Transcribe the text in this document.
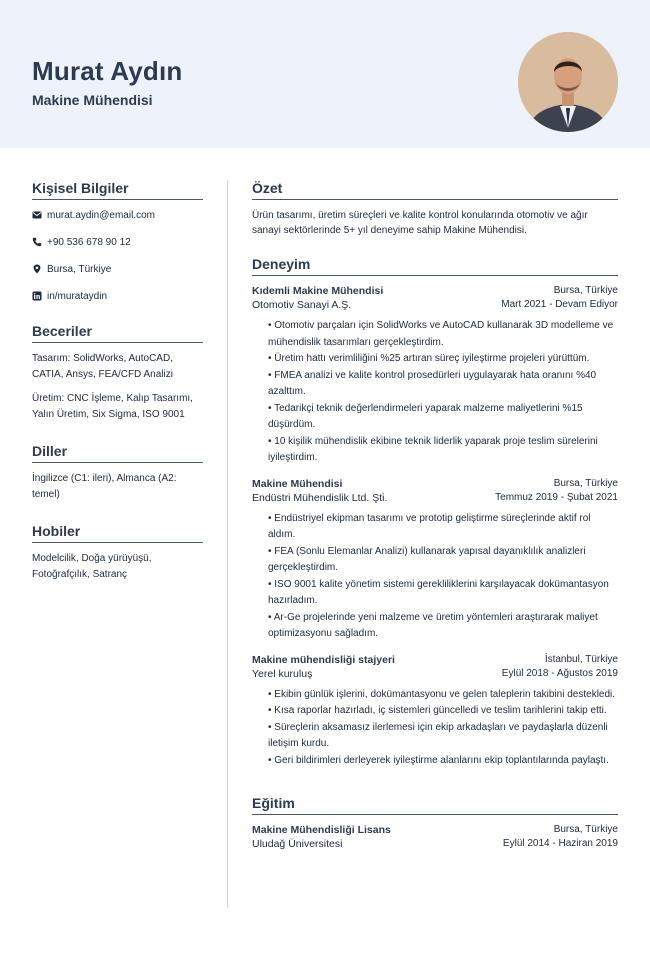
Murat Aydın
Makine Mühendisi
Kişisel Bilgiler
murat.aydin@email.com
+90 536 678 90 12
Bursa, Türkiye
in/murataydin
Beceriler
Tasarım: SolidWorks, AutoCAD, CATIA, Ansys, FEA/CFD Analizi
Üretim: CNC İşleme, Kalıp Tasarımı, Yalın Üretim, Six Sigma, ISO 9001
Diller
İngilizce (C1: ileri), Almanca (A2: temel)
Hobiler
Modelcilik, Doğa yürüyüşü, Fotoğrafçılık, Satranç
Özet
Ürün tasarımı, üretim süreçleri ve kalite kontrol konularında otomotiv ve ağır sanayi sektörlerinde 5+ yıl deneyime sahip Makine Mühendisi.
Deneyim
Kıdemli Makine Mühendisi	Bursa, Türkiye
Otomotiv Sanayi A.Ş.	Mart 2021 - Devam Ediyor
• Otomotiv parçaları için SolidWorks ve AutoCAD kullanarak 3D modelleme ve mühendislik tasarımları gerçekleştirdim.
• Üretim hattı verimliliğini %25 artıran süreç iyileştirme projeleri yürüttüm.
• FMEA analizi ve kalite kontrol prosedürleri uygulayarak hata oranını %40 azalttım.
• Tedarikçi teknik değerlendirmeleri yaparak malzeme maliyetlerini %15 düşürdüm.
• 10 kişilik mühendislik ekibine teknik liderlik yaparak proje teslim sürelerini iyileştirdim.
Makine Mühendisi	Bursa, Türkiye
Endüstri Mühendislik Ltd. Şti.	Temmuz 2019 - Şubat 2021
• Endüstriyel ekipman tasarımı ve prototip geliştirme süreçlerinde aktif rol aldım.
• FEA (Sonlu Elemanlar Analizi) kullanarak yapısal dayanıklılık analizleri gerçekleştirdim.
• ISO 9001 kalite yönetim sistemi gerekliliklerini karşılayacak dokümantasyon hazırladım.
• Ar-Ge projelerinde yeni malzeme ve üretim yöntemleri araştırarak maliyet optimizasyonu sağladım.
Makine mühendisliği stajyeri	İstanbul, Türkiye
Yerel kuruluş	Eylül 2018 - Ağustos 2019
• Ekibin günlük işlerini, dokümantasyonu ve gelen taleplerin takibini destekledi.
• Kısa raporlar hazırladı, iç sistemleri güncelledi ve teslim tarihlerini takip etti.
• Süreçlerin aksamasız ilerlemesi için ekip arkadaşları ve paydaşlarla düzenli iletişim kurdu.
• Geri bildirimleri derleyerek iyileştirme alanlarını ekip toplantılarında paylaştı.
Eğitim
Makine Mühendisliği Lisans	Bursa, Türkiye
Uludağ Üniversitesi	Eylül 2014 - Haziran 2019
